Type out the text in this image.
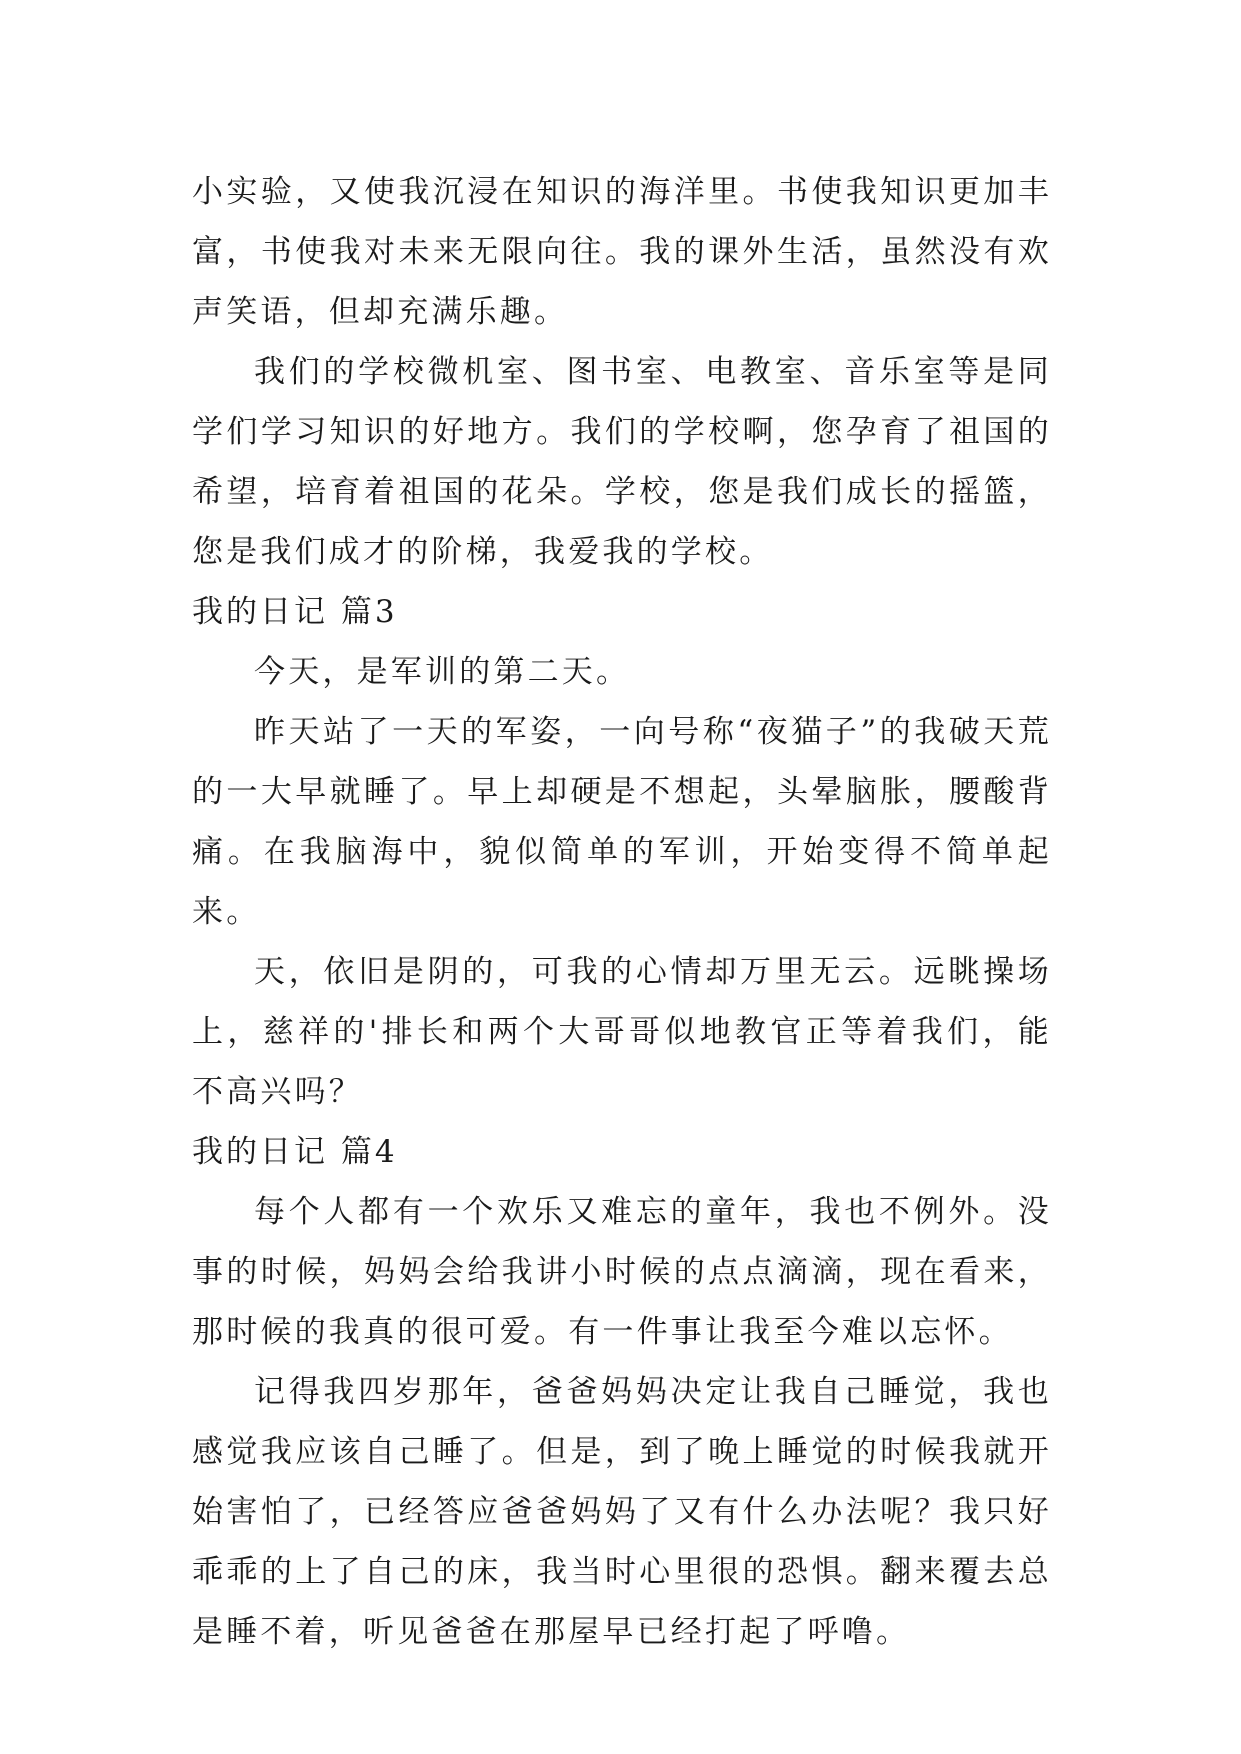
小实验，又使我沉浸在知识的海洋里。书使我知识更加丰富，书使我对未来无限向往。我的课外生活，虽然没有欢声笑语，但却充满乐趣。

我们的学校微机室、图书室、电教室、音乐室等是同学们学习知识的好地方。我们的学校啊，您孕育了祖国的希望，培育着祖国的花朵。学校，您是我们成长的摇篮，您是我们成才的阶梯，我爱我的学校。

我的日记 篇3

今天，是军训的第二天。

昨天站了一天的军姿，一向号称“夜猫子”的我破天荒的一大早就睡了。早上却硬是不想起，头晕脑胀，腰酸背痛。在我脑海中，貌似简单的军训，开始变得不简单起来。

天，依旧是阴的，可我的心情却万里无云。远眺操场上，慈祥的'排长和两个大哥哥似地教官正等着我们，能不高兴吗？

我的日记 篇4

每个人都有一个欢乐又难忘的童年，我也不例外。没事的时候，妈妈会给我讲小时候的点点滴滴，现在看来，那时候的我真的很可爱。有一件事让我至今难以忘怀。

记得我四岁那年，爸爸妈妈决定让我自己睡觉，我也感觉我应该自己睡了。但是，到了晚上睡觉的时候我就开始害怕了，已经答应爸爸妈妈了又有什么办法呢？我只好乖乖的上了自己的床，我当时心里很的恐惧。翻来覆去总是睡不着，听见爸爸在那屋早已经打起了呼噜。
